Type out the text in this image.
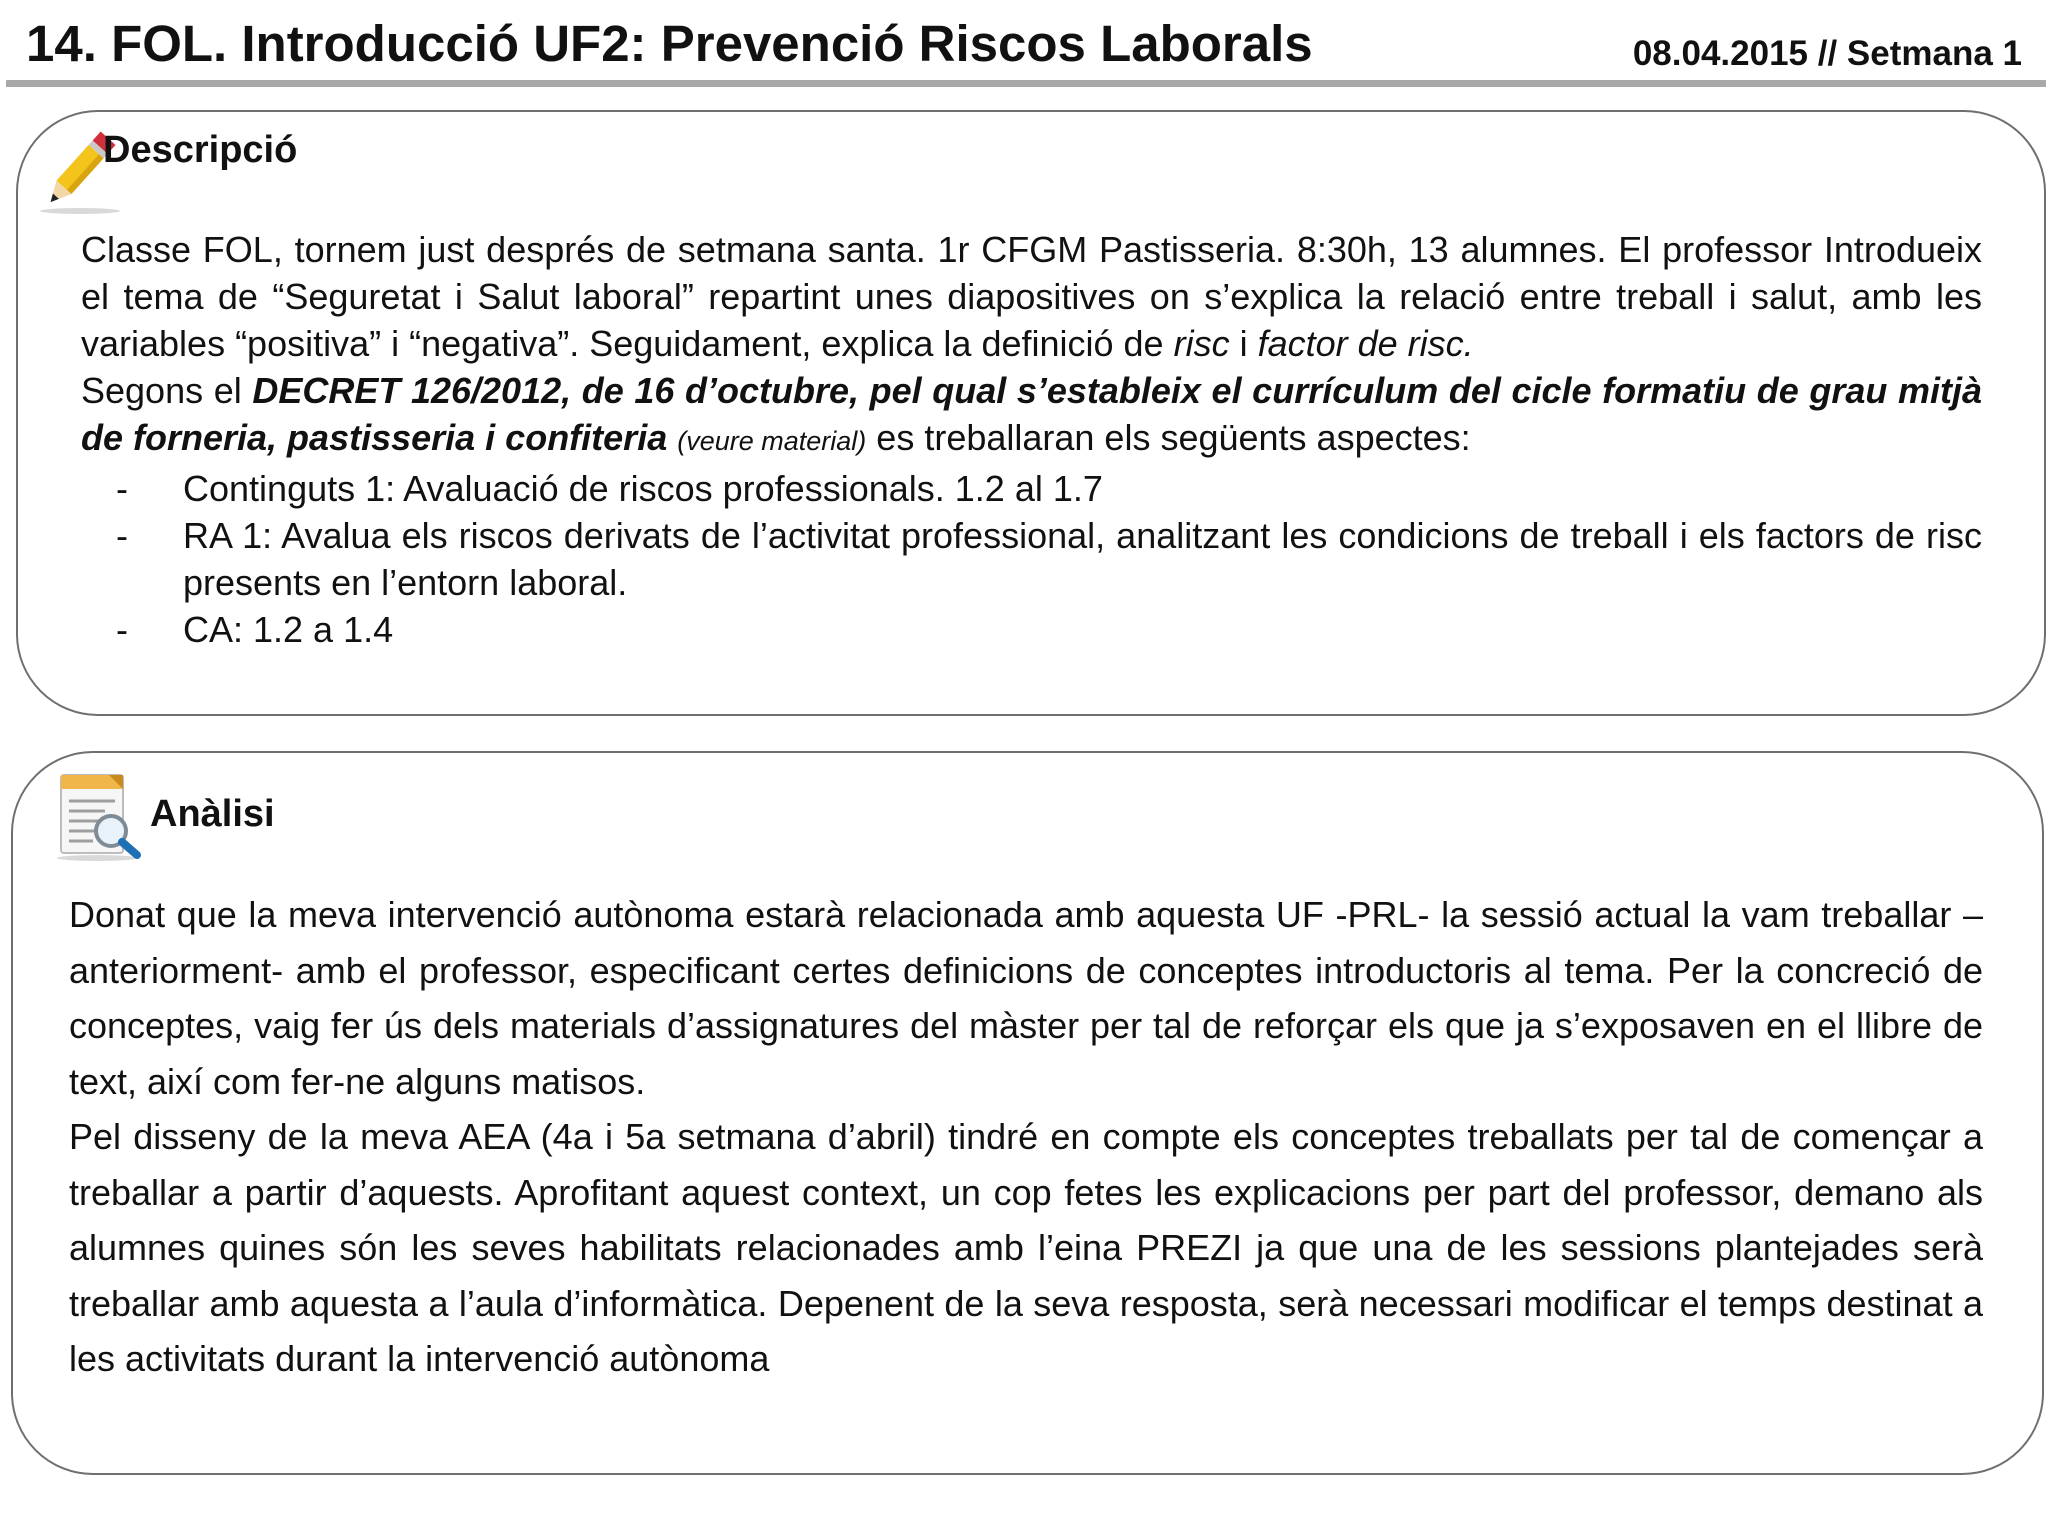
14. FOL. Introducció UF2: Prevenció Riscos Laborals	08.04.2015 // Setmana 1
Descripció

Classe FOL, tornem just després de setmana santa. 1r CFGM Pastisseria. 8:30h, 13 alumnes. El professor Introdueix el tema de “Seguretat i Salut laboral” repartint unes diapositives on s’explica la relació entre treball i salut, amb les variables “positiva” i “negativa”. Seguidament, explica la definició de risc i factor de risc.

Segons el DECRET 126/2012, de 16 d’octubre, pel qual s’estableix el currículum del cicle formatiu de grau mitjà de forneria, pastisseria i confiteria (veure material) es treballaran els següents aspectes:

- Continguts 1: Avaluació de riscos professionals. 1.2 al 1.7
- RA 1: Avalua els riscos derivats de l’activitat professional, analitzant les condicions de treball i els factors de risc presents en l’entorn laboral.
- CA: 1.2 a 1.4
Anàlisi

Donat que la meva intervenció autònoma estarà relacionada amb aquesta UF -PRL- la sessió actual la vam treballar –anteriorment- amb el professor, especificant certes definicions de conceptes introductoris al tema. Per la concreció de conceptes, vaig fer ús dels materials d’assignatures del màster per tal de reforçar els que ja s’exposaven en el llibre de text, així com fer-ne alguns matisos.

Pel disseny de la meva AEA (4a i 5a setmana d’abril) tindré en compte els conceptes treballats per tal de començar a treballar a partir d’aquests. Aprofitant aquest context, un cop fetes les explicacions per part del professor, demano als alumnes quines són les seves habilitats relacionades amb l’eina PREZI ja que una de les sessions plantejades serà treballar amb aquesta a l’aula d’informàtica. Depenent de la seva resposta, serà necessari modificar el temps destinat a les activitats durant la intervenció autònoma
